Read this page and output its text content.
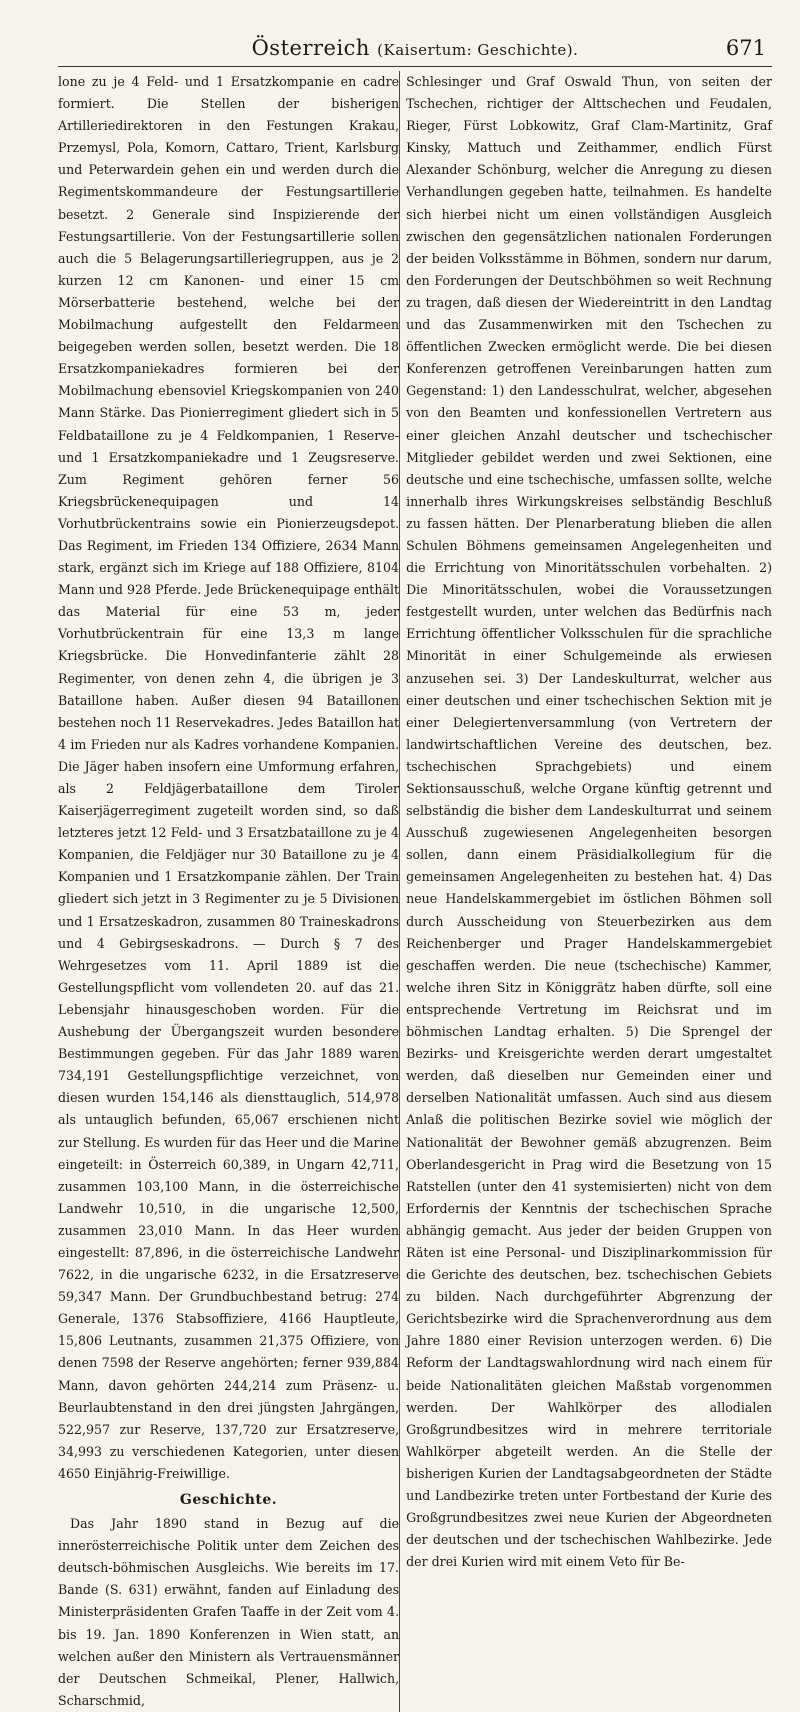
Österreich (Kaisertum: Geschichte).	671

lone zu je 4 Feld- und 1 Ersatzkompanie en cadre formiert. Die Stellen der bisherigen Artilleriedirektoren in den Festungen Krakau, Przemysl, Pola, Komorn, Cattaro, Trient, Karlsburg und Peterwardein gehen ein und werden durch die Regimentskommandeure der Festungsartillerie besetzt. 2 Generale sind Inspizierende der Festungsartillerie. Von der Festungsartillerie sollen auch die 5 Belagerungsartilleriegruppen, aus je 2 kurzen 12 cm Kanonen- und einer 15 cm Mörserbatterie bestehend, welche bei der Mobilmachung aufgestellt den Feldarmeen beigegeben werden sollen, besetzt werden. Die 18 Ersatzkompaniekadres formieren bei der Mobilmachung ebensoviel Kriegskompanien von 240 Mann Stärke. Das Pionierregiment gliedert sich in 5 Feldbataillone zu je 4 Feldkompanien, 1 Reserve- und 1 Ersatzkompaniekadre und 1 Zeugsreserve. Zum Regiment gehören ferner 56 Kriegsbrückenequipagen und 14 Vorhutbrückentrains sowie ein Pionierzeugsdepot. Das Regiment, im Frieden 134 Offiziere, 2634 Mann stark, ergänzt sich im Kriege auf 188 Offiziere, 8104 Mann und 928 Pferde. Jede Brückenequipage enthält das Material für eine 53 m, jeder Vorhutbrückentrain für eine 13,3 m lange Kriegsbrücke. Die Honvedinfanterie zählt 28 Regimenter, von denen zehn 4, die übrigen je 3 Bataillone haben. Außer diesen 94 Bataillonen bestehen noch 11 Reservekadres. Jedes Bataillon hat 4 im Frieden nur als Kadres vorhandene Kompanien. Die Jäger haben insofern eine Umformung erfahren, als 2 Feldjägerbataillone dem Tiroler Kaiserjägerregiment zugeteilt worden sind, so daß letzteres jetzt 12 Feld- und 3 Ersatzbataillone zu je 4 Kompanien, die Feldjäger nur 30 Bataillone zu je 4 Kompanien und 1 Ersatzkompanie zählen. Der Train gliedert sich jetzt in 3 Regimenter zu je 5 Divisionen und 1 Ersatzeskadron, zusammen 80 Traineskadrons und 4 Gebirgseskadrons. — Durch § 7 des Wehrgesetzes vom 11. April 1889 ist die Gestellungspflicht vom vollendeten 20. auf das 21. Lebensjahr hinausgeschoben worden. Für die Aushebung der Übergangszeit wurden besondere Bestimmungen gegeben. Für das Jahr 1889 waren 734,191 Gestellungspflichtige verzeichnet, von diesen wurden 154,146 als diensttauglich, 514,978 als untauglich befunden, 65,067 erschienen nicht zur Stellung. Es wurden für das Heer und die Marine eingeteilt: in Österreich 60,389, in Ungarn 42,711, zusammen 103,100 Mann, in die österreichische Landwehr 10,510, in die ungarische 12,500, zusammen 23,010 Mann. In das Heer wurden eingestellt: 87,896, in die österreichische Landwehr 7622, in die ungarische 6232, in die Ersatzreserve 59,347 Mann. Der Grundbuchbestand betrug: 274 Generale, 1376 Stabsoffiziere, 4166 Hauptleute, 15,806 Leutnants, zusammen 21,375 Offiziere, von denen 7598 der Reserve angehörten; ferner 939,884 Mann, davon gehörten 244,214 zum Präsenz- u. Beurlaubtenstand in den drei jüngsten Jahrgängen, 522,957 zur Reserve, 137,720 zur Ersatzreserve, 34,993 zu verschiedenen Kategorien, unter diesen 4650 Einjährig-Freiwillige.

Geschichte.

Das Jahr 1890 stand in Bezug auf die innerösterreichische Politik unter dem Zeichen des deutsch-böhmischen Ausgleichs. Wie bereits im 17. Bande (S. 631) erwähnt, fanden auf Einladung des Ministerpräsidenten Grafen Taaffe in der Zeit vom 4. bis 19. Jan. 1890 Konferenzen in Wien statt, an welchen außer den Ministern als Vertrauensmänner der Deutschen Schmeikal, Plener, Hallwich, Scharschmid,

Schlesinger und Graf Oswald Thun, von seiten der Tschechen, richtiger der Alttschechen und Feudalen, Rieger, Fürst Lobkowitz, Graf Clam-Martinitz, Graf Kinsky, Mattuch und Zeithammer, endlich Fürst Alexander Schönburg, welcher die Anregung zu diesen Verhandlungen gegeben hatte, teilnahmen. Es handelte sich hierbei nicht um einen vollständigen Ausgleich zwischen den gegensätzlichen nationalen Forderungen der beiden Volksstämme in Böhmen, sondern nur darum, den Forderungen der Deutschböhmen so weit Rechnung zu tragen, daß diesen der Wiedereintritt in den Landtag und das Zusammenwirken mit den Tschechen zu öffentlichen Zwecken ermöglicht werde. Die bei diesen Konferenzen getroffenen Vereinbarungen hatten zum Gegenstand: 1) den Landesschulrat, welcher, abgesehen von den Beamten und konfessionellen Vertretern aus einer gleichen Anzahl deutscher und tschechischer Mitglieder gebildet werden und zwei Sektionen, eine deutsche und eine tschechische, umfassen sollte, welche innerhalb ihres Wirkungskreises selbständig Beschluß zu fassen hätten. Der Plenarberatung blieben die allen Schulen Böhmens gemeinsamen Angelegenheiten und die Errichtung von Minoritätsschulen vorbehalten. 2) Die Minoritätsschulen, wobei die Voraussetzungen festgestellt wurden, unter welchen das Bedürfnis nach Errichtung öffentlicher Volksschulen für die sprachliche Minorität in einer Schulgemeinde als erwiesen anzusehen sei. 3) Der Landeskulturrat, welcher aus einer deutschen und einer tschechischen Sektion mit je einer Delegiertenversammlung (von Vertretern der landwirtschaftlichen Vereine des deutschen, bez. tschechischen Sprachgebiets) und einem Sektionsausschuß, welche Organe künftig getrennt und selbständig die bisher dem Landeskulturrat und seinem Ausschuß zugewiesenen Angelegenheiten besorgen sollen, dann einem Präsidialkollegium für die gemeinsamen Angelegenheiten zu bestehen hat. 4) Das neue Handelskammergebiet im östlichen Böhmen soll durch Ausscheidung von Steuerbezirken aus dem Reichenberger und Prager Handelskammergebiet geschaffen werden. Die neue (tschechische) Kammer, welche ihren Sitz in Königgrätz haben dürfte, soll eine entsprechende Vertretung im Reichsrat und im böhmischen Landtag erhalten. 5) Die Sprengel der Bezirks- und Kreisgerichte werden derart umgestaltet werden, daß dieselben nur Gemeinden einer und derselben Nationalität umfassen. Auch sind aus diesem Anlaß die politischen Bezirke soviel wie möglich der Nationalität der Bewohner gemäß abzugrenzen. Beim Oberlandesgericht in Prag wird die Besetzung von 15 Ratstellen (unter den 41 systemisierten) nicht von dem Erfordernis der Kenntnis der tschechischen Sprache abhängig gemacht. Aus jeder der beiden Gruppen von Räten ist eine Personal- und Disziplinarkommission für die Gerichte des deutschen, bez. tschechischen Gebiets zu bilden. Nach durchgeführter Abgrenzung der Gerichtsbezirke wird die Sprachenverordnung aus dem Jahre 1880 einer Revision unterzogen werden. 6) Die Reform der Landtagswahlordnung wird nach einem für beide Nationalitäten gleichen Maßstab vorgenommen werden. Der Wahlkörper des allodialen Großgrundbesitzes wird in mehrere territoriale Wahlkörper abgeteilt werden. An die Stelle der bisherigen Kurien der Landtagsabgeordneten der Städte und Landbezirke treten unter Fortbestand der Kurie des Großgrundbesitzes zwei neue Kurien der Abgeordneten der deutschen und der tschechischen Wahlbezirke. Jede der drei Kurien wird mit einem Veto für Be-
